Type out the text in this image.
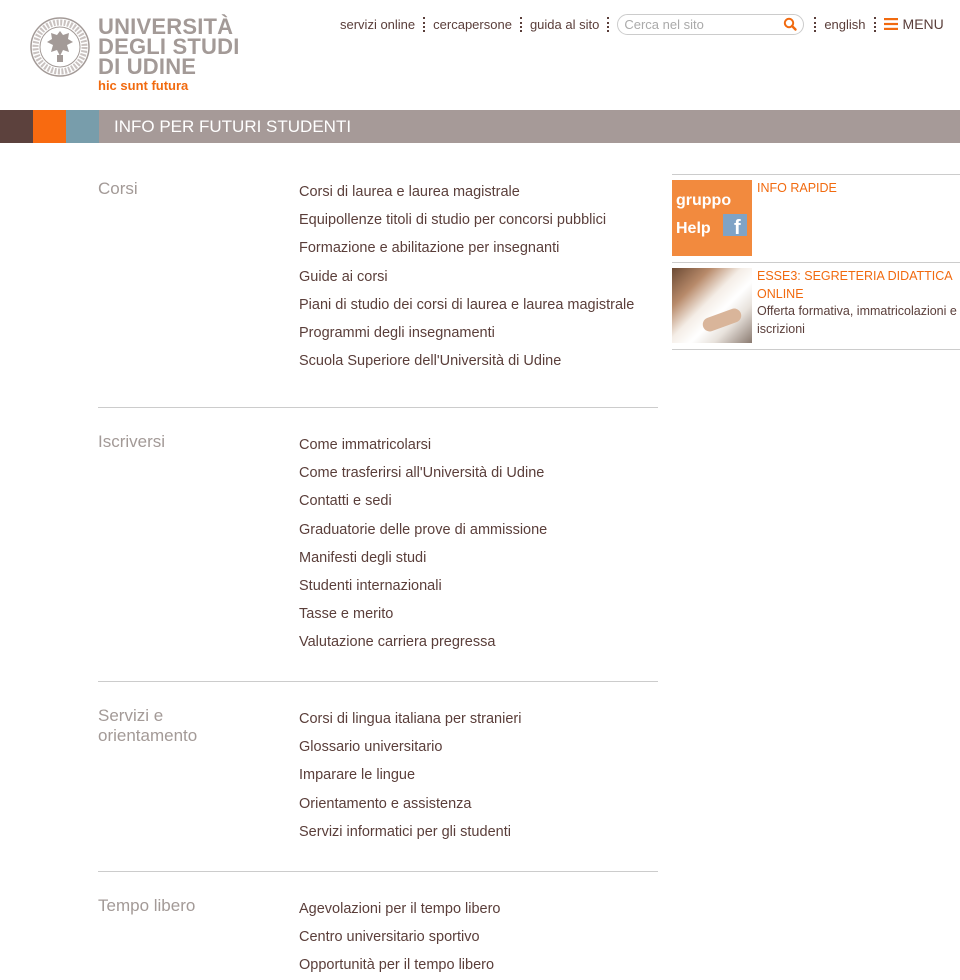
UNIVERSITÀ
DEGLI STUDI
DI UDINE
hic sunt futura
servizi online cercapersone guida al sito
Cerca nel sito	english	MENU
INFO PER FUTURI STUDENTI
Corsi	Corsi di laurea e laurea magistrale
Equipollenze titoli di studio per concorsi pubblici
Formazione e abilitazione per insegnanti
Guide ai corsi
Piani di studio dei corsi di laurea e laurea magistrale
Programmi degli insegnamenti
Scuola Superiore dell'Università di Udine
Iscriversi	Come immatricolarsi
Come trasferirsi all'Università di Udine
Contatti e sedi
Graduatorie delle prove di ammissione
Manifesti degli studi
Studenti internazionali
Tasse e merito
Valutazione carriera pregressa
Servizi e orientamento
Corsi di lingua italiana per stranieri
Glossario universitario
Imparare le lingue
Orientamento e assistenza
Servizi informatici per gli studenti
Tempo libero	Agevolazioni per il tempo libero
Centro universitario sportivo
Opportunità per il tempo libero
gruppo
Help f
INFO RAPIDE
ESSE3: SEGRETERIA DIDATTICA ONLINE
Offerta formativa, immatricolazioni e iscrizioni
